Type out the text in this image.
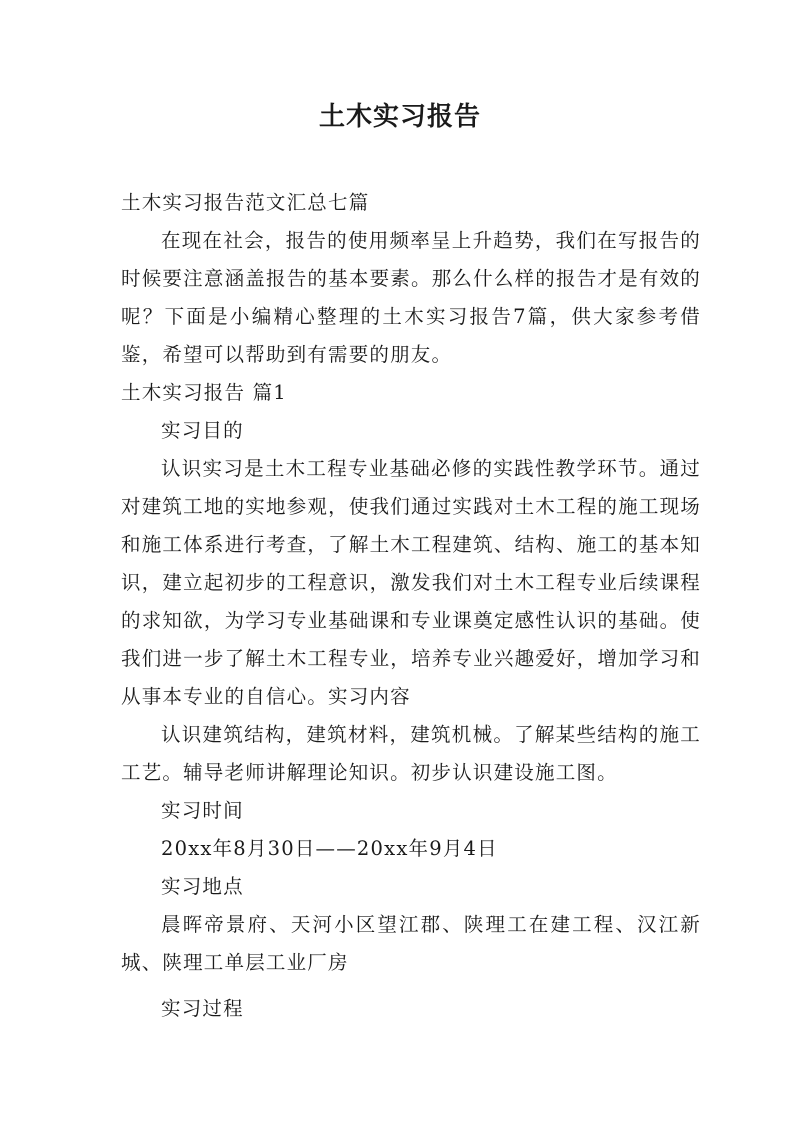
土木实习报告

土木实习报告范文汇总七篇

在现在社会，报告的使用频率呈上升趋势，我们在写报告的时候要注意涵盖报告的基本要素。那么什么样的报告才是有效的呢？下面是小编精心整理的土木实习报告7篇，供大家参考借鉴，希望可以帮助到有需要的朋友。

土木实习报告 篇1

实习目的

认识实习是土木工程专业基础必修的实践性教学环节。通过对建筑工地的实地参观，使我们通过实践对土木工程的施工现场和施工体系进行考查，了解土木工程建筑、结构、施工的基本知识，建立起初步的工程意识，激发我们对土木工程专业后续课程的求知欲，为学习专业基础课和专业课奠定感性认识的基础。使我们进一步了解土木工程专业，培养专业兴趣爱好，增加学习和从事本专业的自信心。实习内容

认识建筑结构，建筑材料，建筑机械。了解某些结构的施工工艺。辅导老师讲解理论知识。初步认识建设施工图。

实习时间

20xx年8月30日——20xx年9月4日

实习地点

晨晖帝景府、天河小区望江郡、陕理工在建工程、汉江新城、陕理工单层工业厂房

实习过程
